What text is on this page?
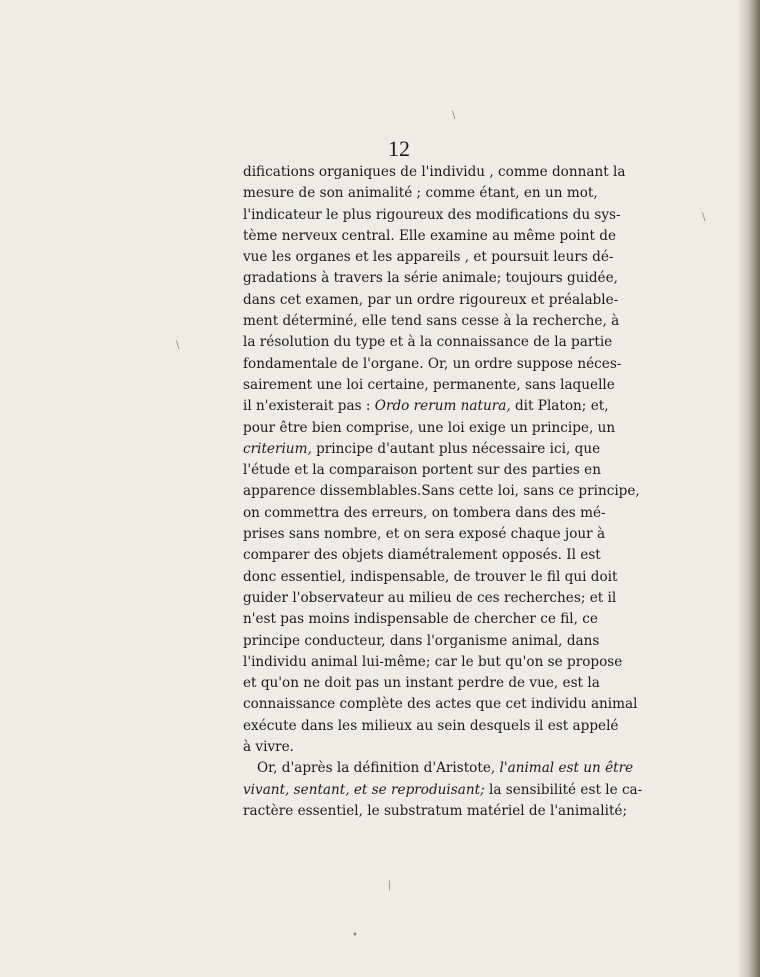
12
difications organiques de l'individu , comme donnant la
mesure de son animalité ; comme étant, en un mot,
l'indicateur le plus rigoureux des modifications du sys-
tème nerveux central. Elle examine au même point de
vue les organes et les appareils , et poursuit leurs dé-
gradations à travers la série animale; toujours guidée,
dans cet examen, par un ordre rigoureux et préalable-
ment déterminé, elle tend sans cesse à la recherche, à
la résolution du type et à la connaissance de la partie
fondamentale de l'organe. Or, un ordre suppose néces-
sairement une loi certaine, permanente, sans laquelle
il n'existerait pas : Ordo rerum natura, dit Platon; et,
pour être bien comprise, une loi exige un principe, un
criterium, principe d'autant plus nécessaire ici, que
l'étude et la comparaison portent sur des parties en
apparence dissemblables.Sans cette loi, sans ce principe,
on commettra des erreurs, on tombera dans des mé-
prises sans nombre, et on sera exposé chaque jour à
comparer des objets diamétralement opposés. Il est
donc essentiel, indispensable, de trouver le fil qui doit
guider l'observateur au milieu de ces recherches; et il
n'est pas moins indispensable de chercher ce fil, ce
principe conducteur, dans l'organisme animal, dans
l'individu animal lui-même; car le but qu'on se propose
et qu'on ne doit pas un instant perdre de vue, est la
connaissance complète des actes que cet individu animal
exécute dans les milieux au sein desquels il est appelé
à vivre.
Or, d'après la définition d'Aristote, l'animal est un être
vivant, sentant, et se reproduisant; la sensibilité est le ca-
ractère essentiel, le substratum matériel de l'animalité;
\
\
\
|
•
